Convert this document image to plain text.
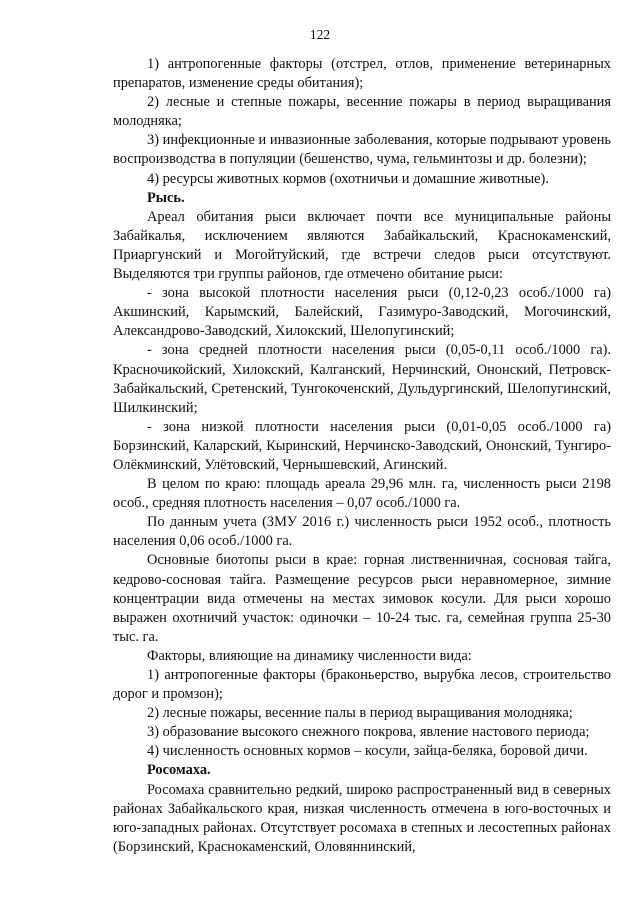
122

1) антропогенные факторы (отстрел, отлов, применение ветеринарных препаратов, изменение среды обитания);

2) лесные и степные пожары, весенние пожары в период выращивания молодняка;

3) инфекционные и инвазионные заболевания, которые подрывают уровень воспроизводства в популяции (бешенство, чума, гельминтозы и др. болезни);

4) ресурсы животных кормов (охотничьи и домашние животные).

Рысь.

Ареал обитания рыси включает почти все муниципальные районы Забайкалья, исключением являются Забайкальский, Краснокаменский, Приаргунский и Могойтуйский, где встречи следов рыси отсутствуют. Выделяются три группы районов, где отмечено обитание рыси:

- зона высокой плотности населения рыси (0,12-0,23 особ./1000 га) Акшинский, Карымский, Балейский, Газимуро-Заводский, Могочинский, Александрово-Заводский, Хилокский, Шелопугинский;

- зона средней плотности населения рыси (0,05-0,11 особ./1000 га). Красночикойский, Хилокский, Калганский, Нерчинский, Ононский, Петровск-Забайкальский, Сретенский, Тунгокоченский, Дульдургинский, Шелопугинский, Шилкинский;

- зона низкой плотности населения рыси (0,01-0,05 особ./1000 га) Борзинский, Каларский, Кыринский, Нерчинско-Заводский, Ононский, Тунгиро-Олёкминский, Улётовский, Чернышевский, Агинский.

В целом по краю: площадь ареала 29,96 млн. га, численность рыси 2198 особ., средняя плотность населения – 0,07 особ./1000 га.

По данным учета (ЗМУ 2016 г.) численность рыси 1952 особ., плотность населения 0,06 особ./1000 га.

Основные биотопы рыси в крае: горная лиственничная, сосновая тайга, кедрово-сосновая тайга. Размещение ресурсов рыси неравномерное, зимние концентрации вида отмечены на местах зимовок косули. Для рыси хорошо выражен охотничий участок: одиночки – 10-24 тыс. га, семейная группа 25-30 тыс. га.

Факторы, влияющие на динамику численности вида:

1) антропогенные факторы (браконьерство, вырубка лесов, строительство дорог и промзон);

2) лесные пожары, весенние палы в период выращивания молодняка;

3) образование высокого снежного покрова, явление настового периода;

4) численность основных кормов – косули, зайца-беляка, боровой дичи.

Росомаха.

Росомаха сравнительно редкий, широко распространенный вид в северных районах Забайкальского края, низкая численность отмечена в юго-восточных и юго-западных районах. Отсутствует росомаха в степных и лесостепных районах (Борзинский, Краснокаменский, Оловяннинский,
